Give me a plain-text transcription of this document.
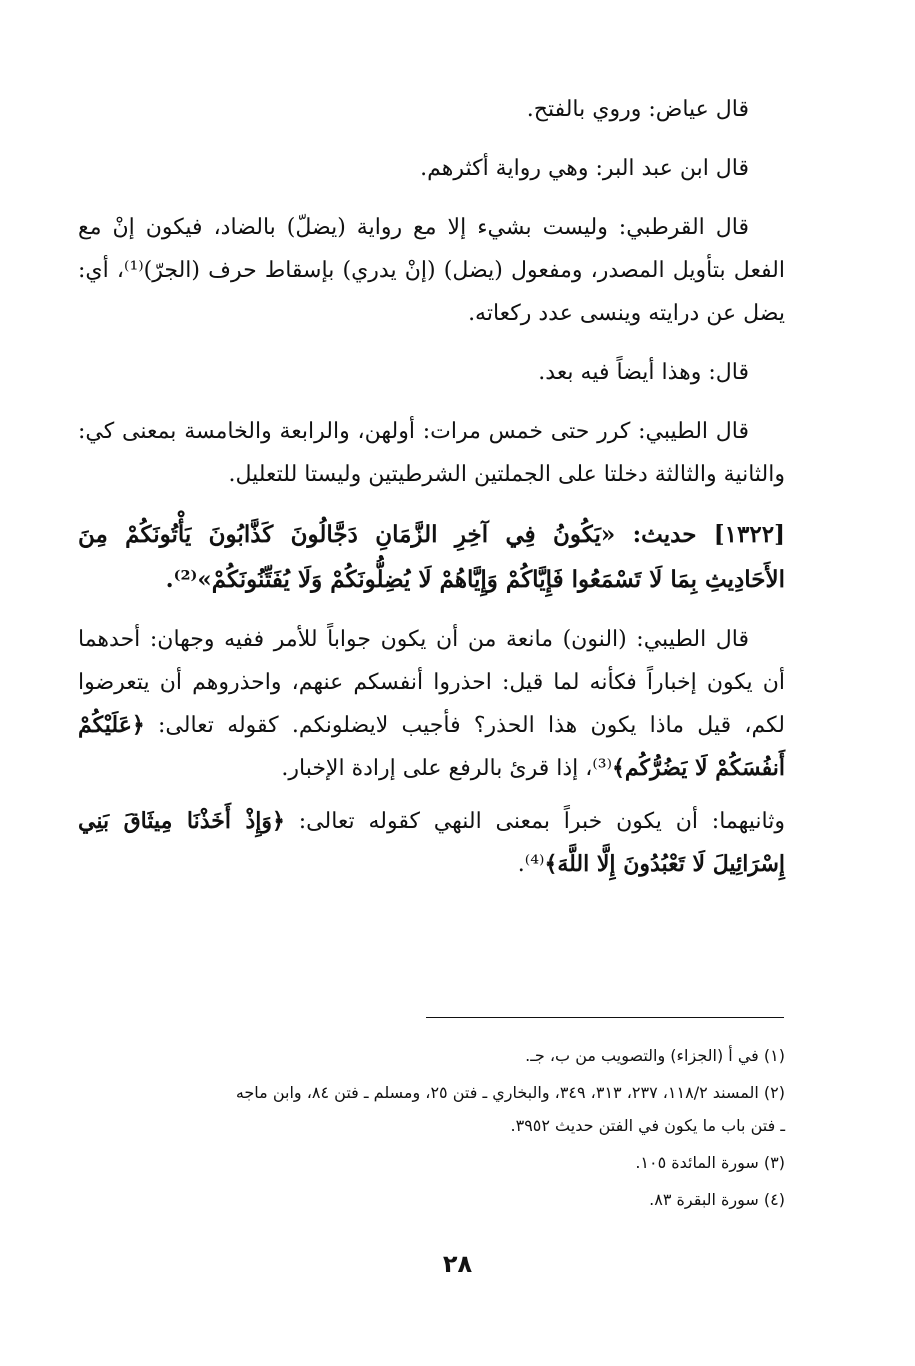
قال عياض: وروي بالفتح.

قال ابن عبد البر: وهي رواية أكثرهم.

قال القرطبي: وليست بشيء إلا مع رواية (يضلّ) بالضاد، فيكون إنْ مع الفعل بتأويل المصدر، ومفعول (يضل) (إنْ يدري) بإسقاط حرف (الجرّ)⁽¹⁾، أي: يضل عن درايته وينسى عدد ركعاته.

قال: وهذا أيضاً فيه بعد.

قال الطيبي: كرر حتى خمس مرات: أولهن، والرابعة والخامسة بمعنى كي: والثانية والثالثة دخلتا على الجملتين الشرطيتين وليستا للتعليل.

[١٣٢٢] حديث: «يَكُونُ فِي آخِرِ الزَّمَانِ دَجَّالُونَ كَذَّابُونَ يَأْتُونَكُمْ مِنَ الأَحَادِيثِ بِمَا لَا تَسْمَعُوا فَإِيَّاكُمْ وَإِيَّاهُمْ لَا يُضِلُّونَكُمْ وَلَا يُفَتِّنُونَكُمْ»⁽²⁾.

قال الطيبي: (النون) مانعة من أن يكون جواباً للأمر ففيه وجهان: أحدهما أن يكون إخباراً فكأنه لما قيل: احذروا أنفسكم عنهم، واحذروهم أن يتعرضوا لكم، قيل ماذا يكون هذا الحذر؟ فأجيب لايضلونكم. كقوله تعالى: ﴿عَلَيْكُمْ أَنفُسَكُمْ لَا يَضُرُّكُم﴾⁽³⁾، إذا قرئ بالرفع على إرادة الإخبار.

وثانيهما: أن يكون خبراً بمعنى النهي كقوله تعالى: ﴿وَإِذْ أَخَذْنَا مِيثَاقَ بَنِي إِسْرَائِيلَ لَا تَعْبُدُونَ إِلَّا اللَّهَ﴾⁽⁴⁾.

(١) في أ (الجزاء) والتصويب من ب، جـ.

(٢) المسند ١١٨/٢، ٢٣٧، ٣١٣، ٣٤٩، والبخاري ـ فتن ٢٥، ومسلم ـ فتن ٨٤، وابن ماجه

ـ فتن باب ما يكون في الفتن حديث ٣٩٥٢.

(٣) سورة المائدة ١٠٥.

(٤) سورة البقرة ٨٣.

٢٨
